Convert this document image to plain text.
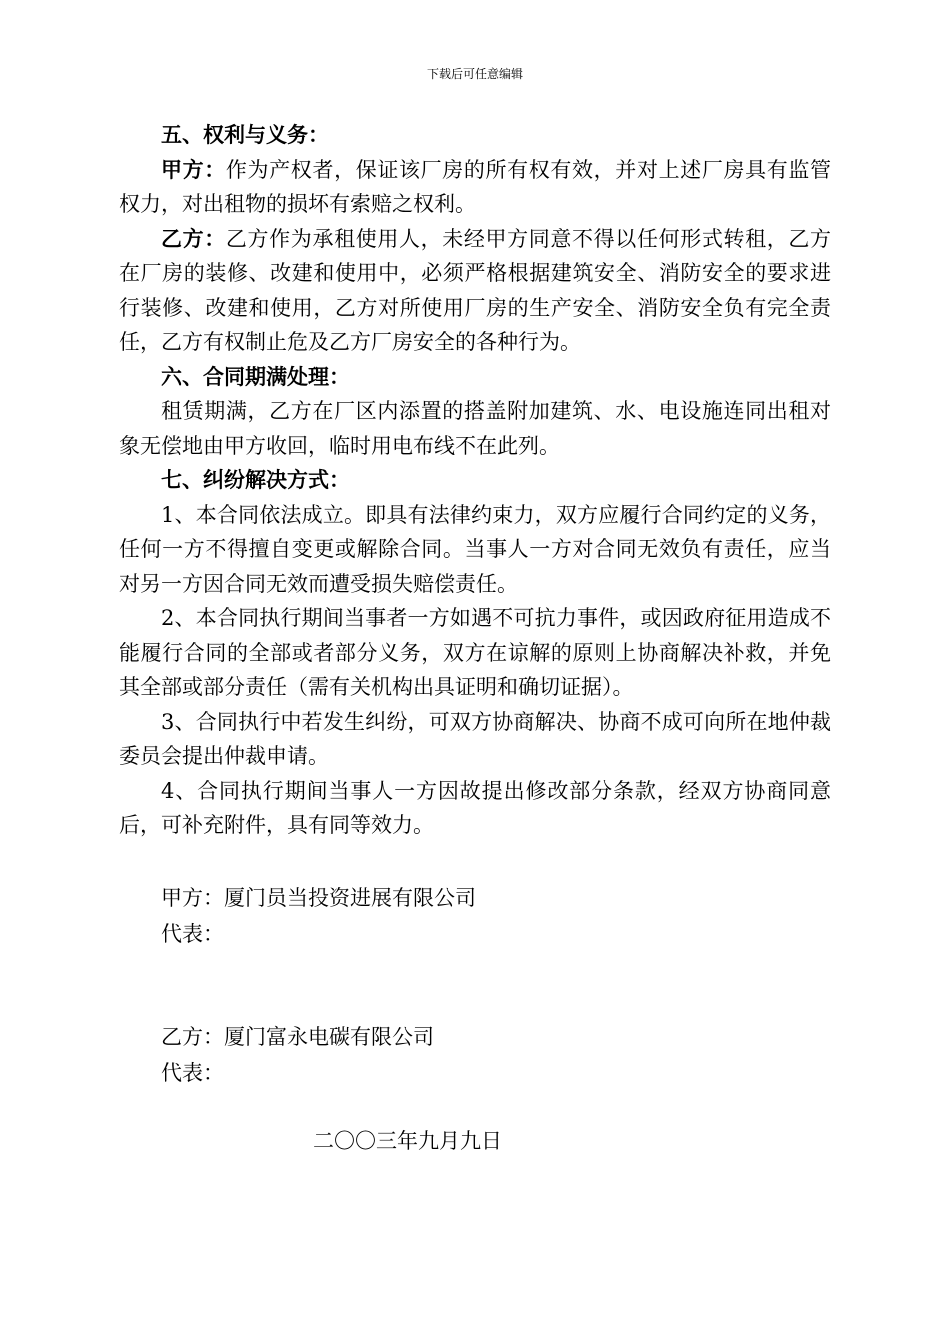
下载后可任意编辑

五、权利与义务：

甲方：作为产权者，保证该厂房的所有权有效，并对上述厂房具有监管权力，对出租物的损坏有索赔之权利。

乙方：乙方作为承租使用人，未经甲方同意不得以任何形式转租，乙方在厂房的装修、改建和使用中，必须严格根据建筑安全、消防安全的要求进行装修、改建和使用，乙方对所使用厂房的生产安全、消防安全负有完全责任，乙方有权制止危及乙方厂房安全的各种行为。

六、合同期满处理：

租赁期满，乙方在厂区内添置的搭盖附加建筑、水、电设施连同出租对象无偿地由甲方收回，临时用电布线不在此列。

七、纠纷解决方式：

1、本合同依法成立。即具有法律约束力，双方应履行合同约定的义务，任何一方不得擅自变更或解除合同。当事人一方对合同无效负有责任，应当对另一方因合同无效而遭受损失赔偿责任。

2、本合同执行期间当事者一方如遇不可抗力事件，或因政府征用造成不能履行合同的全部或者部分义务，双方在谅解的原则上协商解决补救，并免其全部或部分责任（需有关机构出具证明和确切证据）。

3、合同执行中若发生纠纷，可双方协商解决、协商不成可向所在地仲裁委员会提出仲裁申请。

4、合同执行期间当事人一方因故提出修改部分条款，经双方协商同意后，可补充附件，具有同等效力。

甲方：厦门员当投资进展有限公司

代表：

乙方：厦门富永电碳有限公司

代表：

二〇〇三年九月九日
